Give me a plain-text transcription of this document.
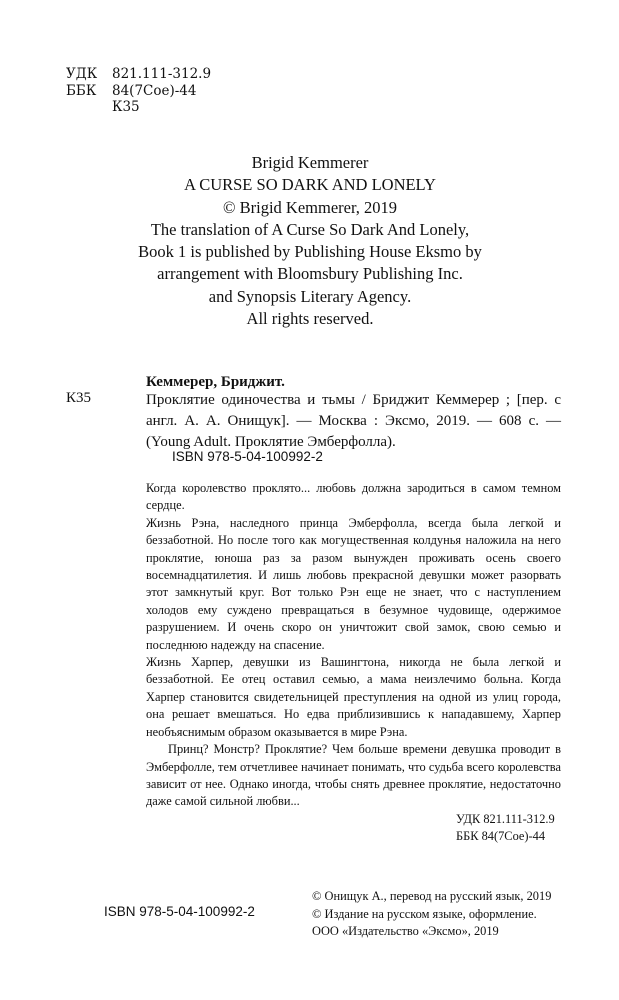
УДК	821.111-312.9
ББК	84(7Сое)-44
К35
Brigid Kemmerer
A CURSE SO DARK AND LONELY
© Brigid Kemmerer, 2019
The translation of A Curse So Dark And Lonely,
Book 1 is published by Publishing House Eksmo by
arrangement with Bloomsbury Publishing Inc.
and Synopsis Literary Agency.
All rights reserved.
Кеммерер, Бриджит.
К35	Проклятие одиночества и тьмы / Бриджит Кеммерер ; [пер. с англ. А. А. Онищук]. — Москва : Эксмо, 2019. — 608 с. — (Young Adult. Проклятие Эмберфолла).
ISBN 978-5-04-100992-2

Когда королевство проклято... любовь должна зародиться в самом темном сердце.

Жизнь Рэна, наследного принца Эмберфолла, всегда была легкой и беззаботной. Но после того как могущественная колдунья наложила на него проклятие, юноша раз за разом вынужден проживать осень своего восемнадцатилетия. И лишь любовь прекрасной девушки может разорвать этот замкнутый круг. Вот только Рэн еще не знает, что с наступлением холодов ему суждено превращаться в безумное чудовище, одержимое разрушением. И очень скоро он уничтожит свой замок, свою семью и последнюю надежду на спасение.

Жизнь Харпер, девушки из Вашингтона, никогда не была легкой и беззаботной. Ее отец оставил семью, а мама неизлечимо больна. Когда Харпер становится свидетельницей преступления на одной из улиц города, она решает вмешаться. Но едва приблизившись к нападавшему, Харпер необъяснимым образом оказывается в мире Рэна.

Принц? Монстр? Проклятие? Чем больше времени девушка проводит в Эмберфолле, тем отчетливее начинает понимать, что судьба всего королевства зависит от нее. Однако иногда, чтобы снять древнее проклятие, недостаточно даже самой сильной любви...

УДК 821.111-312.9
ББК 84(7Сое)-44
© Онищук А., перевод на русский язык, 2019
© Издание на русском языке, оформление.
ООО «Издательство «Эксмо», 2019
ISBN 978-5-04-100992-2
